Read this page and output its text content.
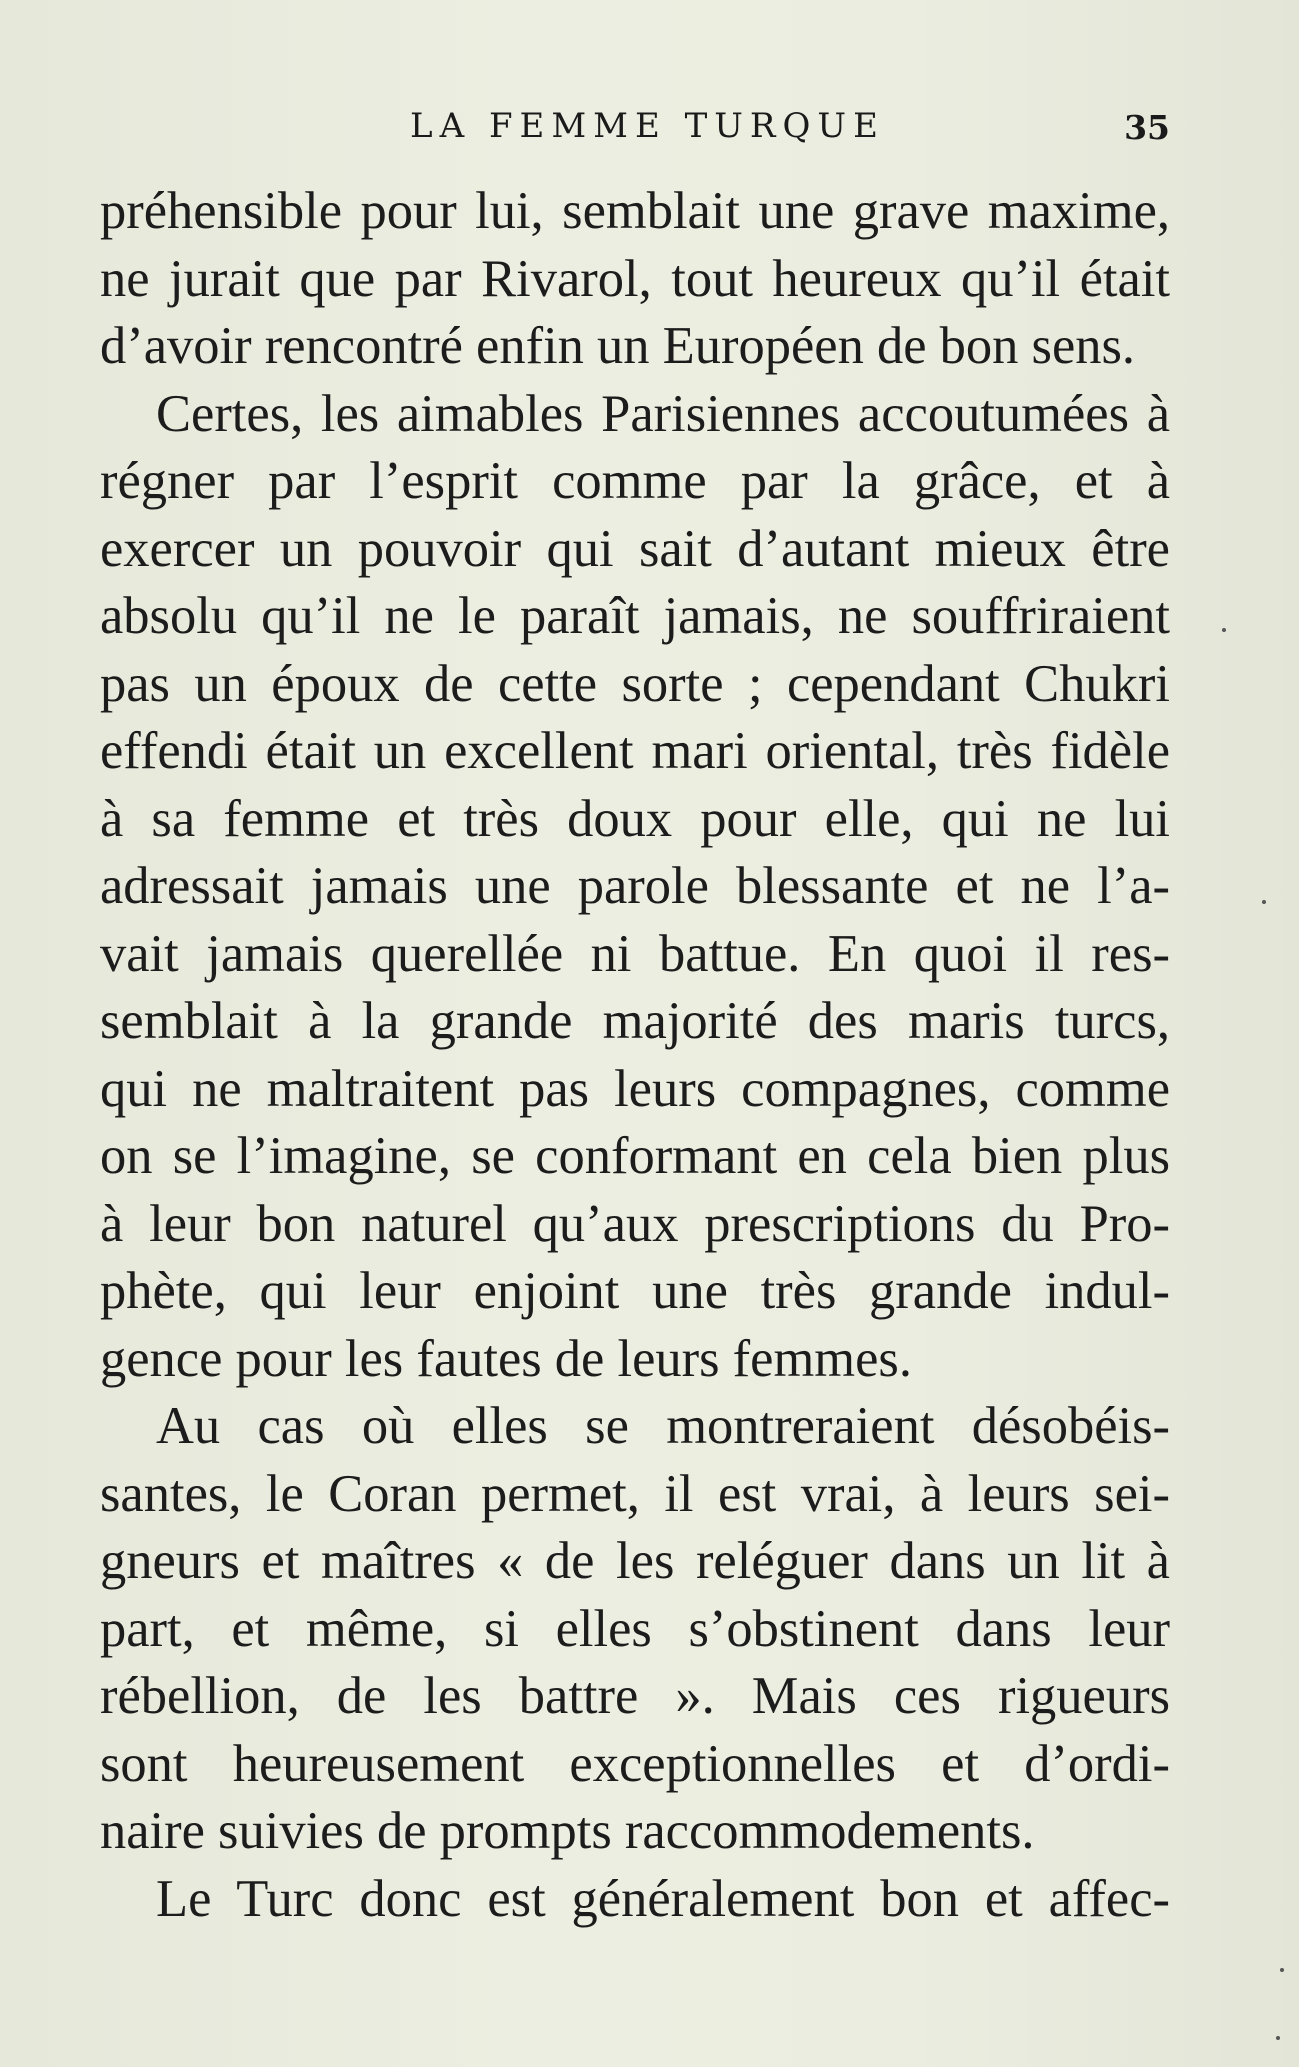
LA FEMME TURQUE	35
préhensible pour lui, semblait une grave maxime,
ne jurait que par Rivarol, tout heureux qu’il était
d’avoir rencontré enfin un Européen de bon sens.
Certes, les aimables Parisiennes accoutumées à
régner par l’esprit comme par la grâce, et à
exercer un pouvoir qui sait d’autant mieux être
absolu qu’il ne le paraît jamais, ne souffriraient
pas un époux de cette sorte ; cependant Chukri
effendi était un excellent mari oriental, très fidèle
à sa femme et très doux pour elle, qui ne lui
adressait jamais une parole blessante et ne l’a-
vait jamais querellée ni battue. En quoi il res-
semblait à la grande majorité des maris turcs,
qui ne maltraitent pas leurs compagnes, comme
on se l’imagine, se conformant en cela bien plus
à leur bon naturel qu’aux prescriptions du Pro-
phète, qui leur enjoint une très grande indul-
gence pour les fautes de leurs femmes.
Au cas où elles se montreraient désobéis-
santes, le Coran permet, il est vrai, à leurs sei-
gneurs et maîtres « de les reléguer dans un lit à
part, et même, si elles s’obstinent dans leur
rébellion, de les battre ». Mais ces rigueurs
sont heureusement exceptionnelles et d’ordi-
naire suivies de prompts raccommodements.
Le Turc donc est généralement bon et affec-
